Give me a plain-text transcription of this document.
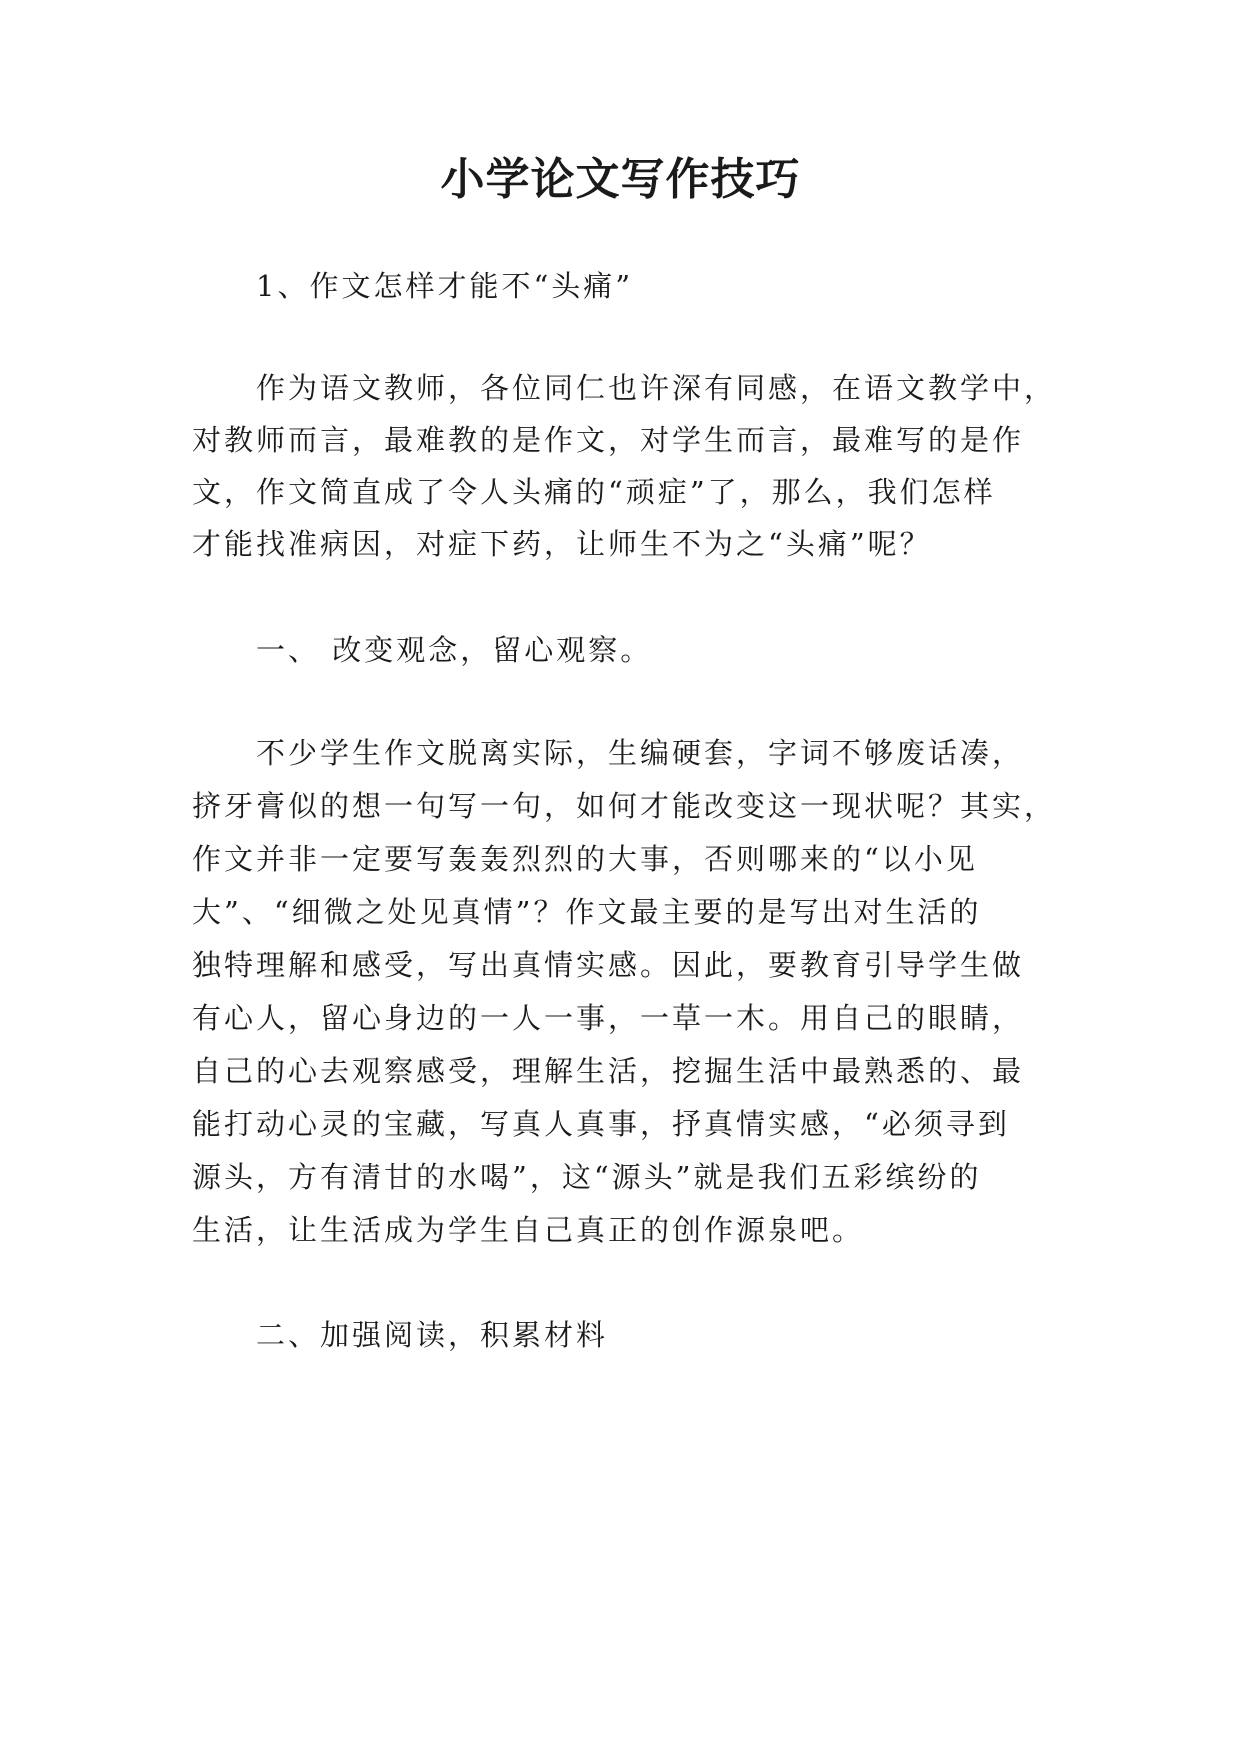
小学论文写作技巧
1、作文怎样才能不“头痛”
作为语文教师，各位同仁也许深有同感，在语文教学中，
对教师而言，最难教的是作文，对学生而言，最难写的是作
文，作文简直成了令人头痛的“顽症”了，那么，我们怎样
才能找准病因，对症下药，让师生不为之“头痛”呢？
一、 改变观念，留心观察。
不少学生作文脱离实际，生编硬套，字词不够废话凑，
挤牙膏似的想一句写一句，如何才能改变这一现状呢？其实，
作文并非一定要写轰轰烈烈的大事，否则哪来的“以小见
大”、“细微之处见真情”？作文最主要的是写出对生活的
独特理解和感受，写出真情实感。因此，要教育引导学生做
有心人，留心身边的一人一事，一草一木。用自己的眼睛，
自己的心去观察感受，理解生活，挖掘生活中最熟悉的、最
能打动心灵的宝藏，写真人真事，抒真情实感，“必须寻到
源头，方有清甘的水喝”，这“源头”就是我们五彩缤纷的
生活，让生活成为学生自己真正的创作源泉吧。
二、加强阅读，积累材料
